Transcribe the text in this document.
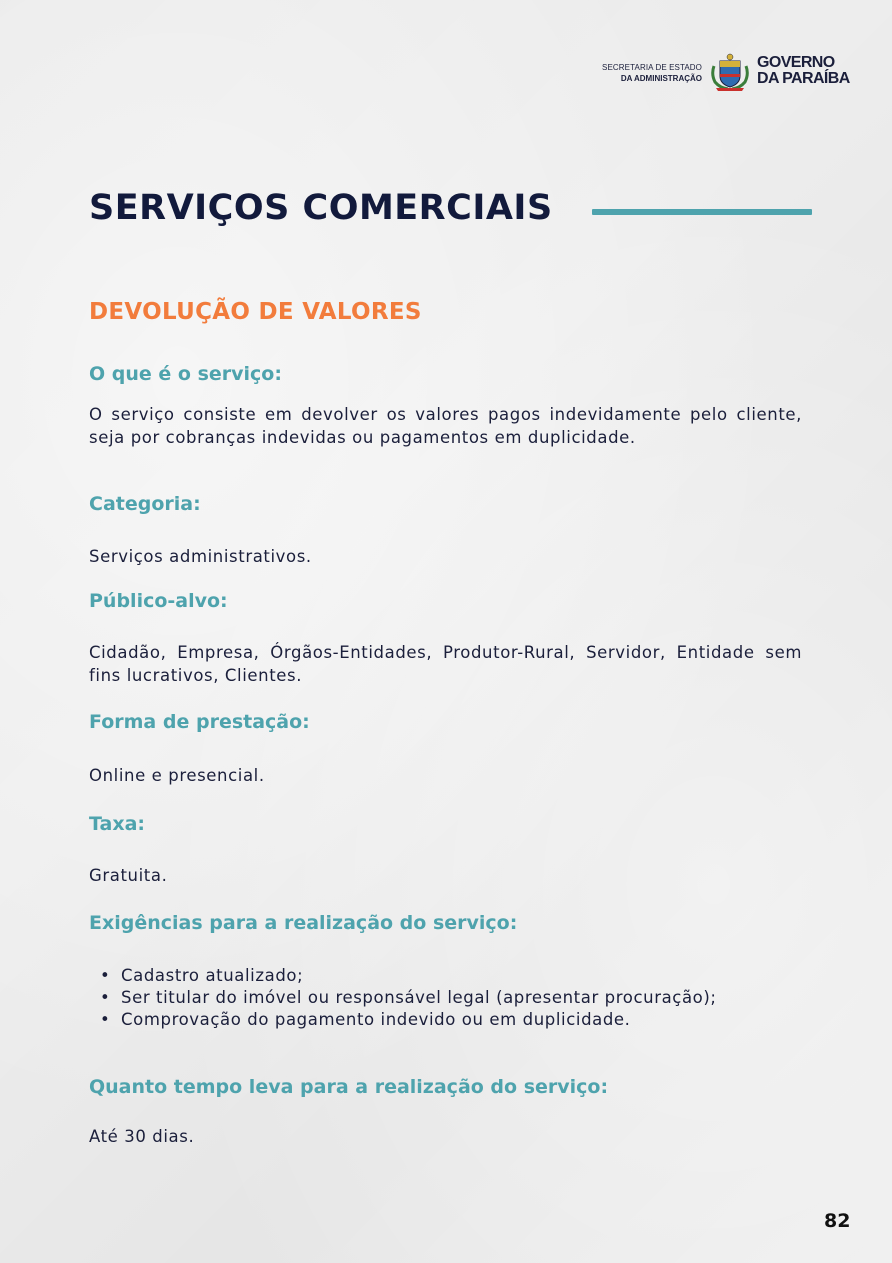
SECRETARIA DE ESTADO
DA ADMINISTRAÇÃO
GOVERNO
DA PARAÍBA
SERVIÇOS COMERCIAIS
DEVOLUÇÃO DE VALORES
O que é o serviço:
O serviço consiste em devolver os valores pagos indevidamente pelo cliente, seja por cobranças indevidas ou pagamentos em duplicidade.
Categoria:
Serviços administrativos.
Público-alvo:
Cidadão, Empresa, Órgãos-Entidades, Produtor-Rural, Servidor, Entidade sem fins lucrativos, Clientes.
Forma de prestação:
Online e presencial.
Taxa:
Gratuita.
Exigências para a realização do serviço:
• Cadastro atualizado;
• Ser titular do imóvel ou responsável legal (apresentar procuração);
• Comprovação do pagamento indevido ou em duplicidade.
Quanto tempo leva para a realização do serviço:
Até 30 dias.
82
